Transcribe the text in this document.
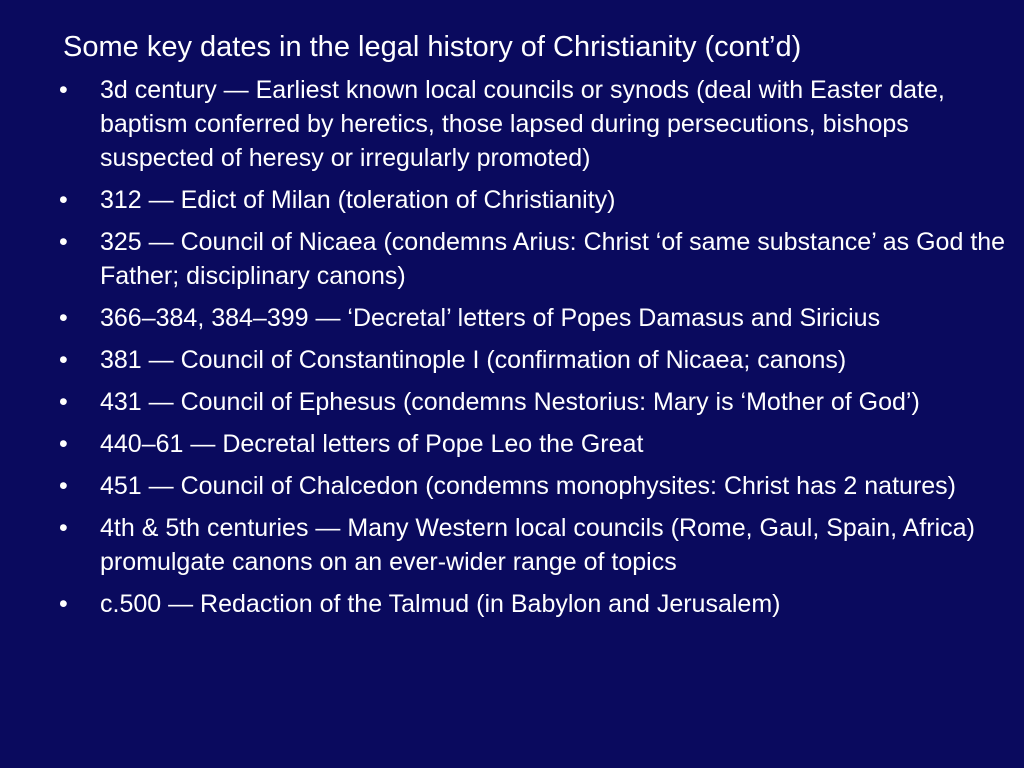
Some key dates in the legal history of Christianity (cont’d)
•	3d century — Earliest known local councils or synods (deal with Easter date, baptism conferred by heretics, those lapsed during persecutions, bishops suspected of heresy or irregularly promoted)
•	312 — Edict of Milan (toleration of Christianity)
•	325 — Council of Nicaea (condemns Arius: Christ ‘of same substance’ as God the Father; disciplinary canons)
•	366–384, 384–399 — ‘Decretal’ letters of Popes Damasus and Siricius
•	381 — Council of Constantinople I (confirmation of Nicaea; canons)
•	431 — Council of Ephesus (condemns Nestorius: Mary is ‘Mother of God’)
•	440–61 — Decretal letters of Pope Leo the Great
•	451 — Council of Chalcedon (condemns monophysites: Christ has 2 natures)
•	4th & 5th centuries — Many Western local councils (Rome, Gaul, Spain, Africa) promulgate canons on an ever-wider range of topics
•	c.500 — Redaction of the Talmud (in Babylon and Jerusalem)
